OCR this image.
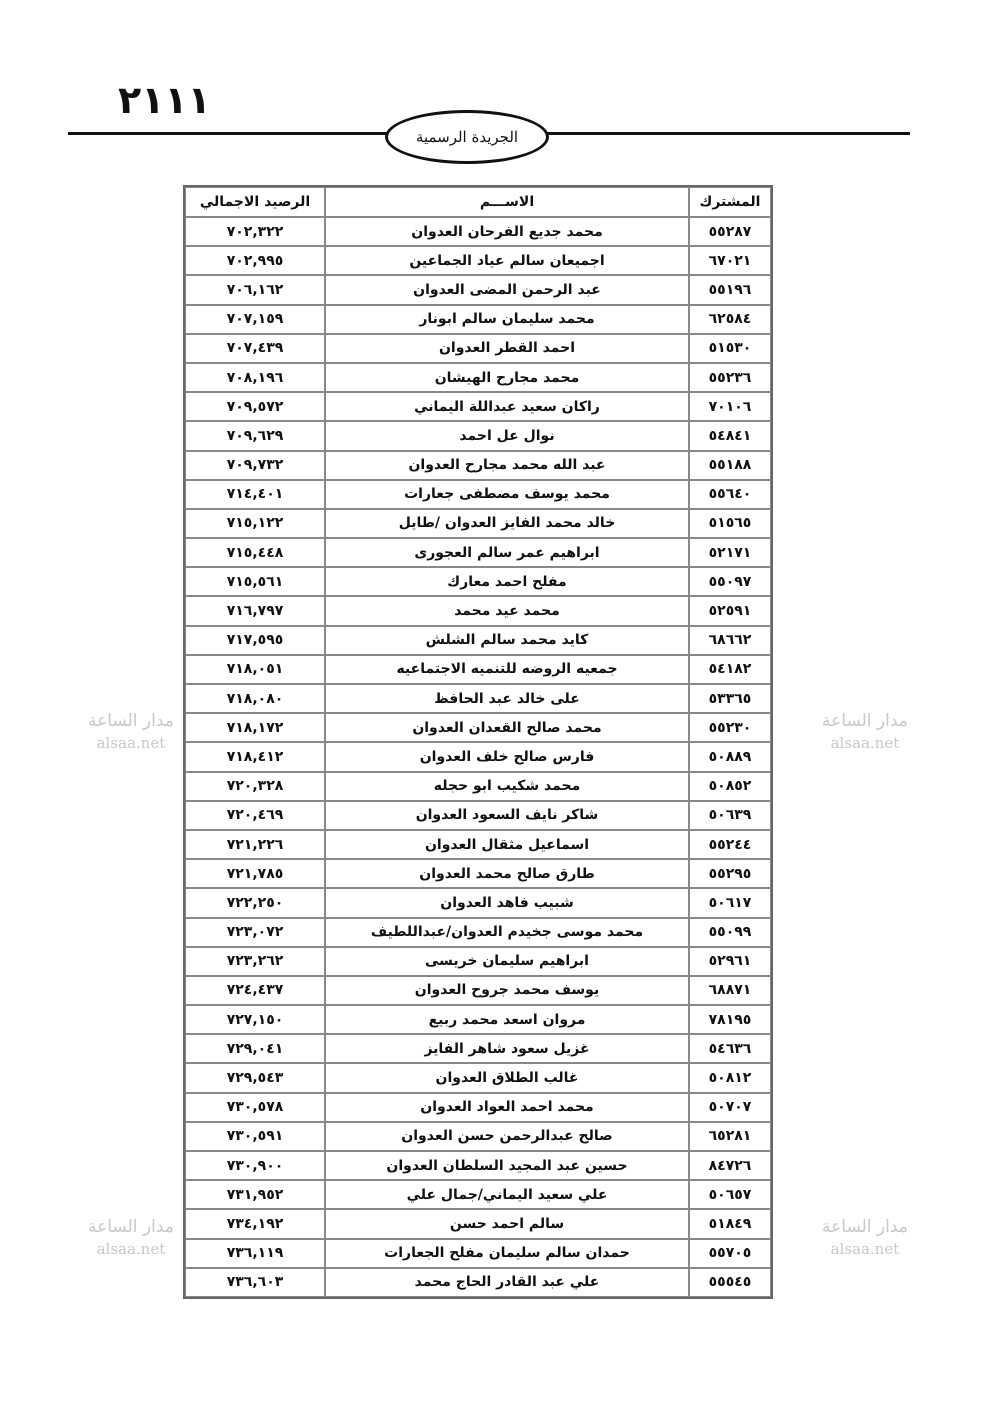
٢١١١
الجريدة الرسمية
مدار الساعة
alsaa.net
مدار الساعة
alsaa.net
مدار الساعة
alsaa.net
مدار الساعة
alsaa.net
المشترك	الاســـم	الرصيد الاجمالي
٥٥٢٨٧	محمد جديع الفرحان العدوان	٧٠٢,٣٢٢
٦٧٠٢١	اجميعان سالم عياد الجماعين	٧٠٢,٩٩٥
٥٥١٩٦	عبد الرحمن المضى العدوان	٧٠٦,١٦٢
٦٢٥٨٤	محمد سليمان سالم ابونار	٧٠٧,١٥٩
٥١٥٣٠	احمد القطر العدوان	٧٠٧,٤٣٩
٥٥٢٣٦	محمد مجارح الهيشان	٧٠٨,١٩٦
٧٠١٠٦	راكان سعيد عبداللة اليماني	٧٠٩,٥٧٢
٥٤٨٤١	نوال عل احمد	٧٠٩,٦٢٩
٥٥١٨٨	عبد الله محمد مجارح العدوان	٧٠٩,٧٣٢
٥٥٦٤٠	محمد يوسف مصطفى جعارات	٧١٤,٤٠١
٥١٥٦٥	خالد محمد الفايز العدوان /طايل	٧١٥,١٢٢
٥٢١٧١	ابراهيم عمر سالم العجورى	٧١٥,٤٤٨
٥٥٠٩٧	مفلح احمد معارك	٧١٥,٥٦١
٥٢٥٩١	محمد عيد محمد	٧١٦,٧٩٧
٦٨٦٦٢	كايد محمد سالم الشلش	٧١٧,٥٩٥
٥٤١٨٢	جمعيه الروضه للتنميه الاجتماعيه	٧١٨,٠٥١
٥٣٣٦٥	على خالد عبد الحافظ	٧١٨,٠٨٠
٥٥٢٣٠	محمد صالح القعدان العدوان	٧١٨,١٧٢
٥٠٨٨٩	فارس صالح خلف العدوان	٧١٨,٤١٢
٥٠٨٥٢	محمد شكيب ابو حجله	٧٢٠,٣٢٨
٥٠٦٣٩	شاكر نايف السعود العدوان	٧٢٠,٤٦٩
٥٥٢٤٤	اسماعيل مثقال العدوان	٧٢١,٢٢٦
٥٥٢٩٥	طارق صالح محمد العدوان	٧٢١,٧٨٥
٥٠٦١٧	شبيب فاهد العدوان	٧٢٢,٢٥٠
٥٥٠٩٩	محمد موسى جخيدم العدوان/عبداللطيف	٧٢٣,٠٧٢
٥٢٩٦١	ابراهيم سليمان خريسى	٧٢٣,٢٦٢
٦٨٨٧١	يوسف محمد جروح العدوان	٧٢٤,٤٣٧
٧٨١٩٥	مروان اسعد محمد ربيع	٧٢٧,١٥٠
٥٤٦٣٦	غزيل سعود شاهر الفايز	٧٢٩,٠٤١
٥٠٨١٢	غالب الطلاق العدوان	٧٢٩,٥٤٣
٥٠٧٠٧	محمد احمد العواد العدوان	٧٣٠,٥٧٨
٦٥٢٨١	صالح عبدالرحمن حسن العدوان	٧٣٠,٥٩١
٨٤٧٢٦	حسين عبد المجيد السلطان العدوان	٧٣٠,٩٠٠
٥٠٦٥٧	علي سعيد اليماني/جمال علي	٧٣١,٩٥٢
٥١٨٤٩	سالم احمد حسن	٧٣٤,١٩٢
٥٥٧٠٥	حمدان سالم سليمان مفلح الجعارات	٧٣٦,١١٩
٥٥٥٤٥	علي عبد القادر الحاج محمد	٧٣٦,٦٠٣
